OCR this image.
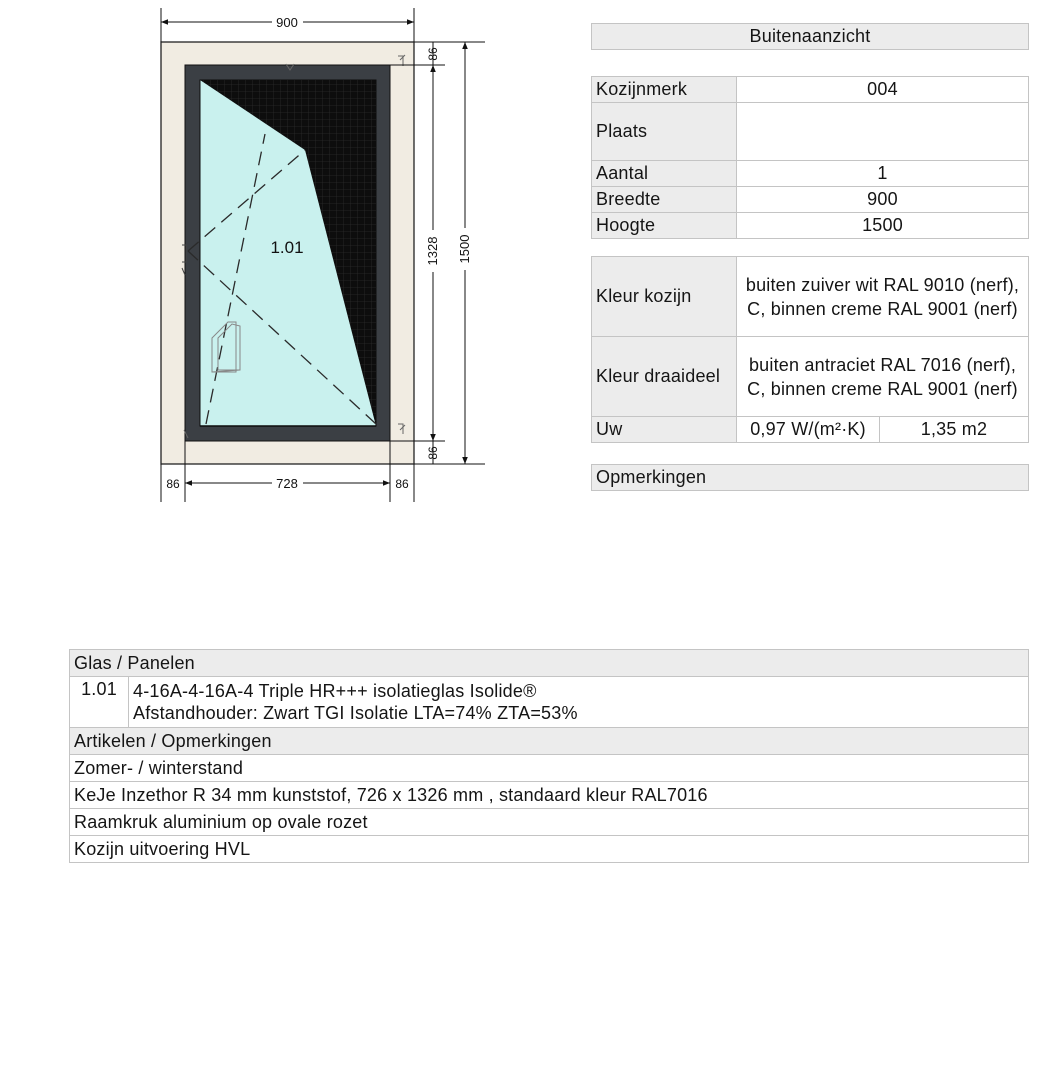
1.01
900
1500
1328
86
86
86	728	86
Buitenaanzicht
Kozijnmerk	004
Plaats	
Aantal	1
Breedte	900
Hoogte	1500
Kleur kozijn	buiten zuiver wit RAL 9010 (nerf),
C, binnen creme RAL 9001 (nerf)	

Kleur draaideel	buiten antraciet RAL 7016 (nerf),
C, binnen creme RAL 9001 (nerf)	

Uw	0,97 W/(m²·K)	1,35 m2
Opmerkingen
Glas / Panelen
1.01	4-16A-4-16A-4 Triple HR+++ isolatieglas Isolide®
Afstandhouder: Zwart TGI Isolatie LTA=74% ZTA=53%

Artikelen / Opmerkingen
Zomer- / winterstand
KeJe Inzethor R 34 mm kunststof, 726 x 1326 mm , standaard kleur RAL7016
Raamkruk aluminium op ovale rozet
Kozijn uitvoering HVL
